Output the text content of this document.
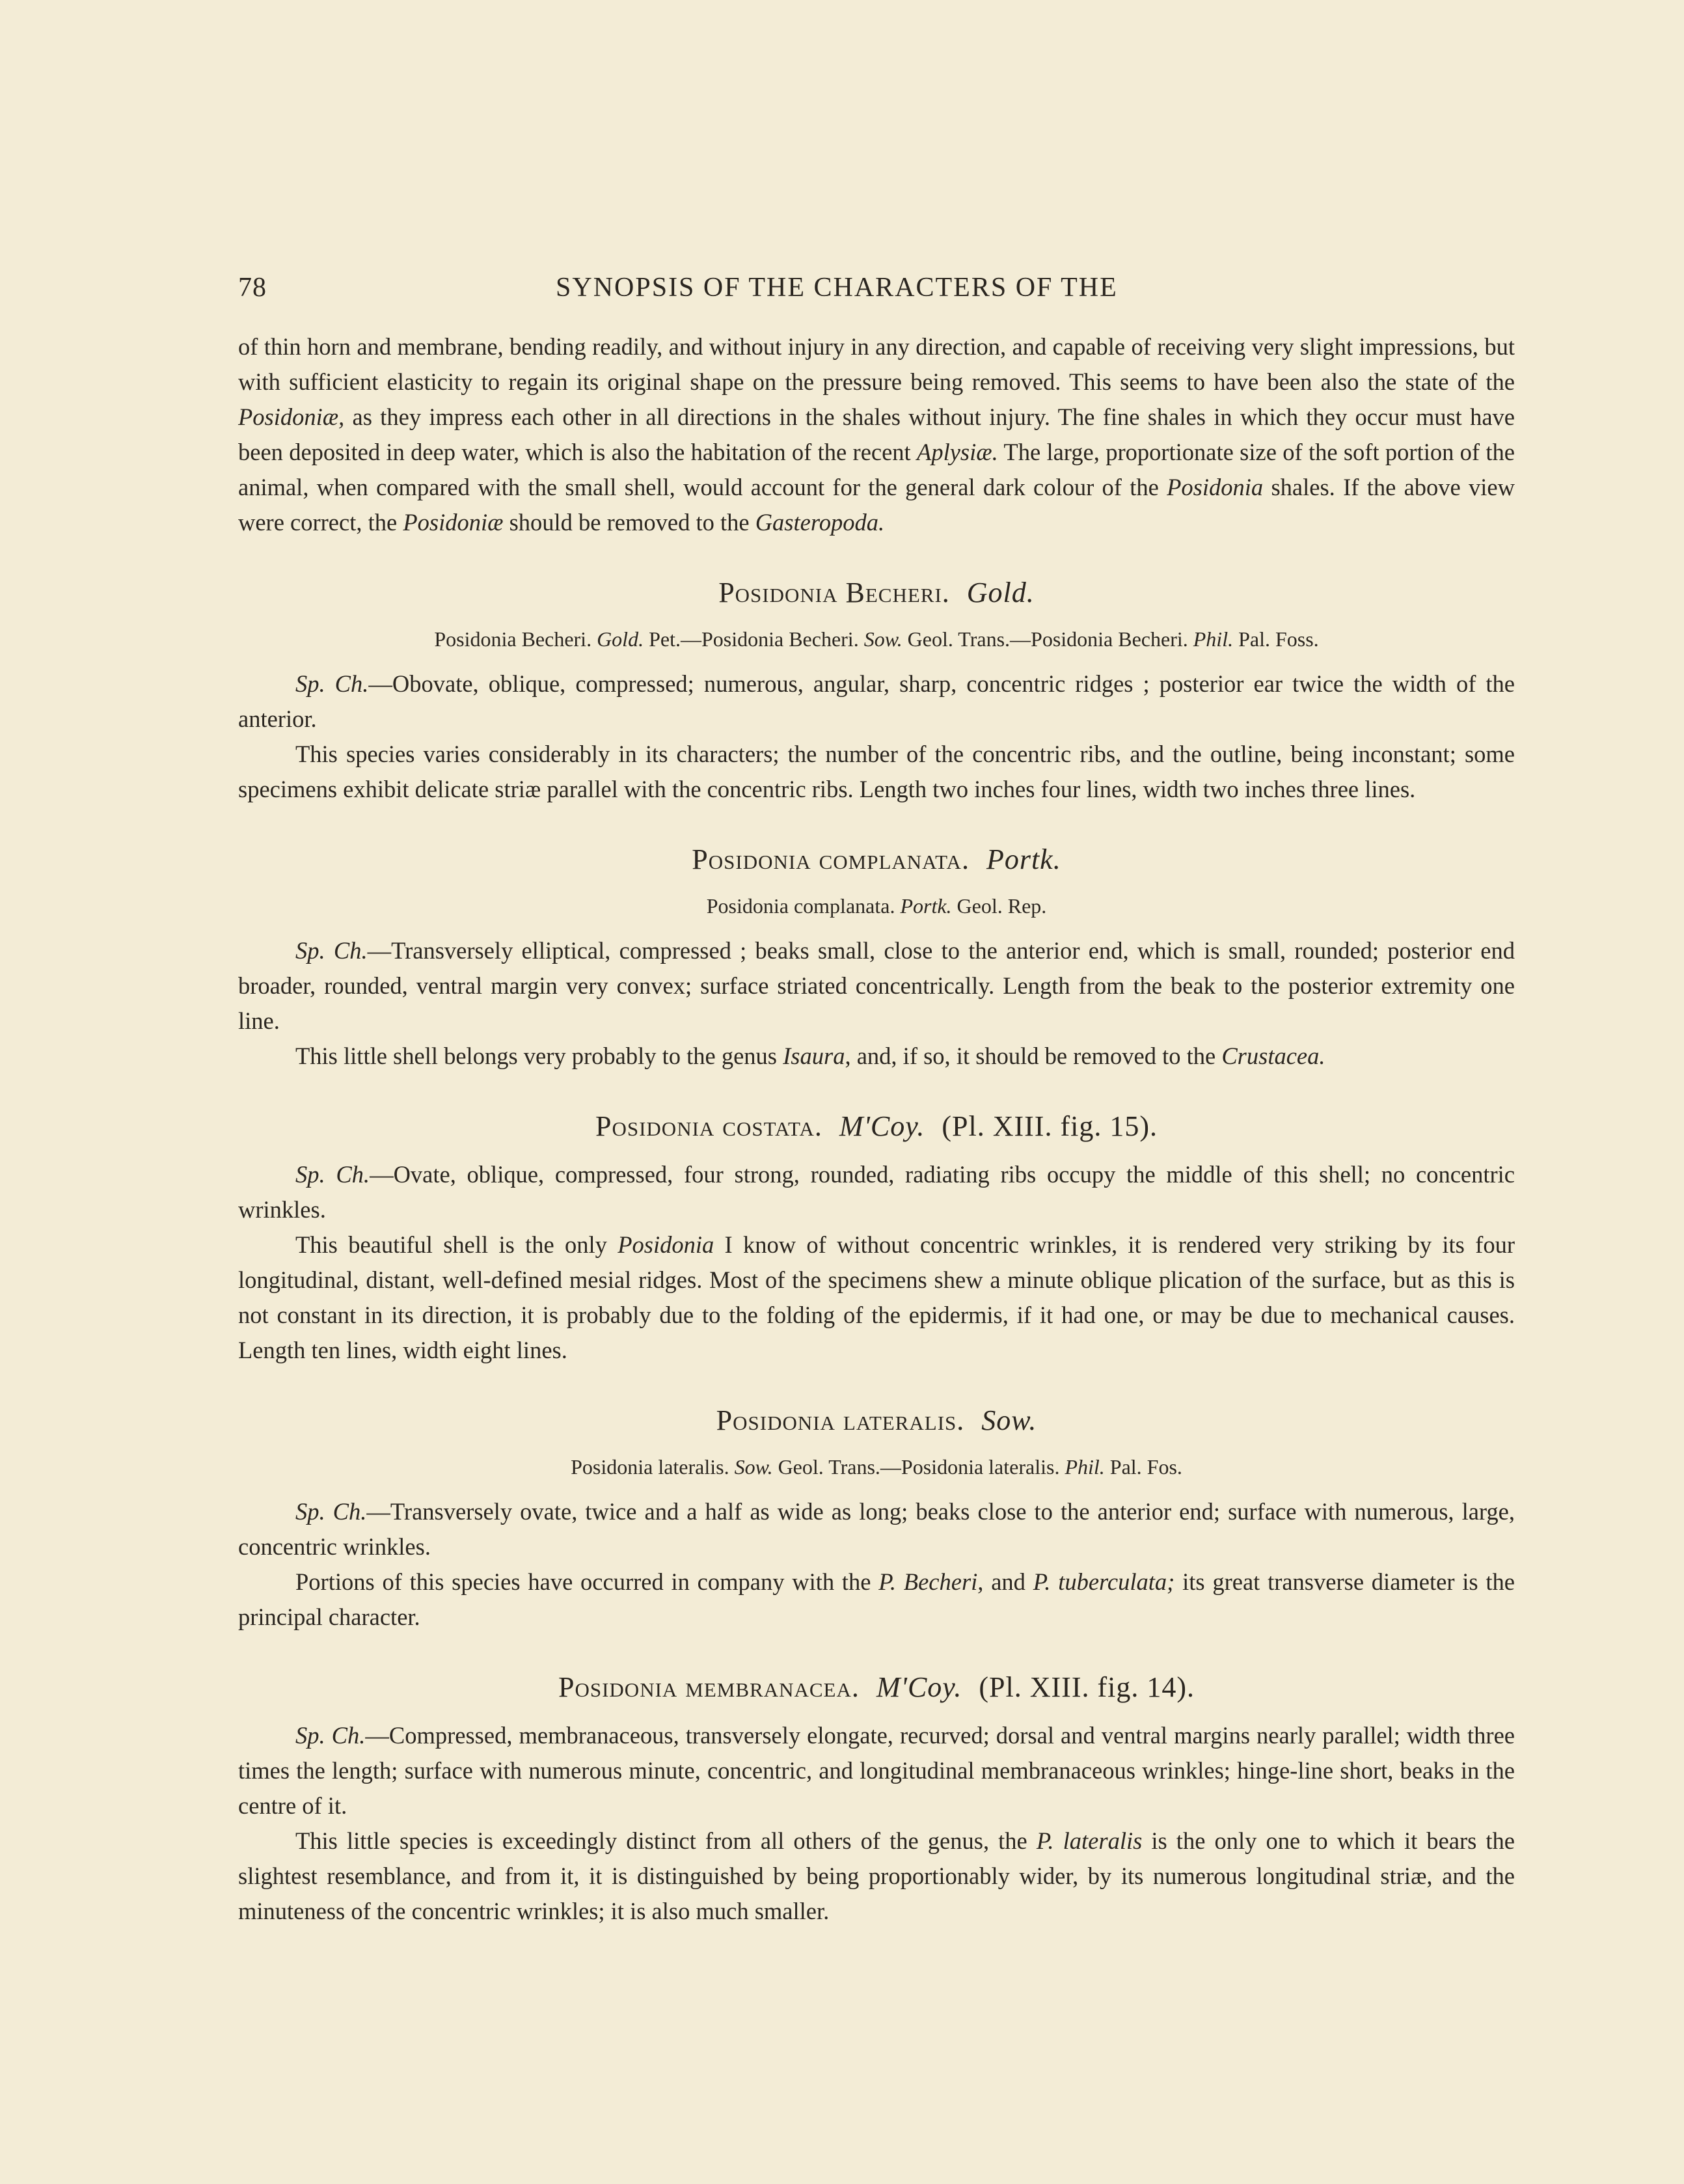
78	SYNOPSIS OF THE CHARACTERS OF THE

of thin horn and membrane, bending readily, and without injury in any direction, and capable of receiving very slight impressions, but with sufficient elasticity to regain its original shape on the pressure being removed. This seems to have been also the state of the Posidoniæ, as they impress each other in all directions in the shales without injury. The fine shales in which they occur must have been deposited in deep water, which is also the habitation of the recent Aplysiæ. The large, proportionate size of the soft portion of the animal, when compared with the small shell, would account for the general dark colour of the Posidonia shales. If the above view were correct, the Posidoniæ should be removed to the Gasteropoda.

Posidonia Becheri. Gold.

Posidonia Becheri. Gold. Pet.—Posidonia Becheri. Sow. Geol. Trans.—Posidonia Becheri. Phil. Pal. Foss.

Sp. Ch.—Obovate, oblique, compressed; numerous, angular, sharp, concentric ridges ; posterior ear twice the width of the anterior.

This species varies considerably in its characters; the number of the concentric ribs, and the outline, being inconstant; some specimens exhibit delicate striæ parallel with the concentric ribs. Length two inches four lines, width two inches three lines.

Posidonia complanata. Portk.

Posidonia complanata. Portk. Geol. Rep.

Sp. Ch.—Transversely elliptical, compressed ; beaks small, close to the anterior end, which is small, rounded; posterior end broader, rounded, ventral margin very convex; surface striated concentrically. Length from the beak to the posterior extremity one line.

This little shell belongs very probably to the genus Isaura, and, if so, it should be removed to the Crustacea.

Posidonia costata. M'Coy. (Pl. XIII. fig. 15).

Sp. Ch.—Ovate, oblique, compressed, four strong, rounded, radiating ribs occupy the middle of this shell; no concentric wrinkles.

This beautiful shell is the only Posidonia I know of without concentric wrinkles, it is rendered very striking by its four longitudinal, distant, well-defined mesial ridges. Most of the specimens shew a minute oblique plication of the surface, but as this is not constant in its direction, it is probably due to the folding of the epidermis, if it had one, or may be due to mechanical causes. Length ten lines, width eight lines.

Posidonia lateralis. Sow.

Posidonia lateralis. Sow. Geol. Trans.—Posidonia lateralis. Phil. Pal. Fos.

Sp. Ch.—Transversely ovate, twice and a half as wide as long; beaks close to the anterior end; surface with numerous, large, concentric wrinkles.

Portions of this species have occurred in company with the P. Becheri, and P. tuberculata; its great transverse diameter is the principal character.

Posidonia membranacea. M'Coy. (Pl. XIII. fig. 14).

Sp. Ch.—Compressed, membranaceous, transversely elongate, recurved; dorsal and ventral margins nearly parallel; width three times the length; surface with numerous minute, concentric, and longitudinal membranaceous wrinkles; hinge-line short, beaks in the centre of it.

This little species is exceedingly distinct from all others of the genus, the P. lateralis is the only one to which it bears the slightest resemblance, and from it, it is distinguished by being proportionably wider, by its numerous longitudinal striæ, and the minuteness of the concentric wrinkles; it is also much smaller.
